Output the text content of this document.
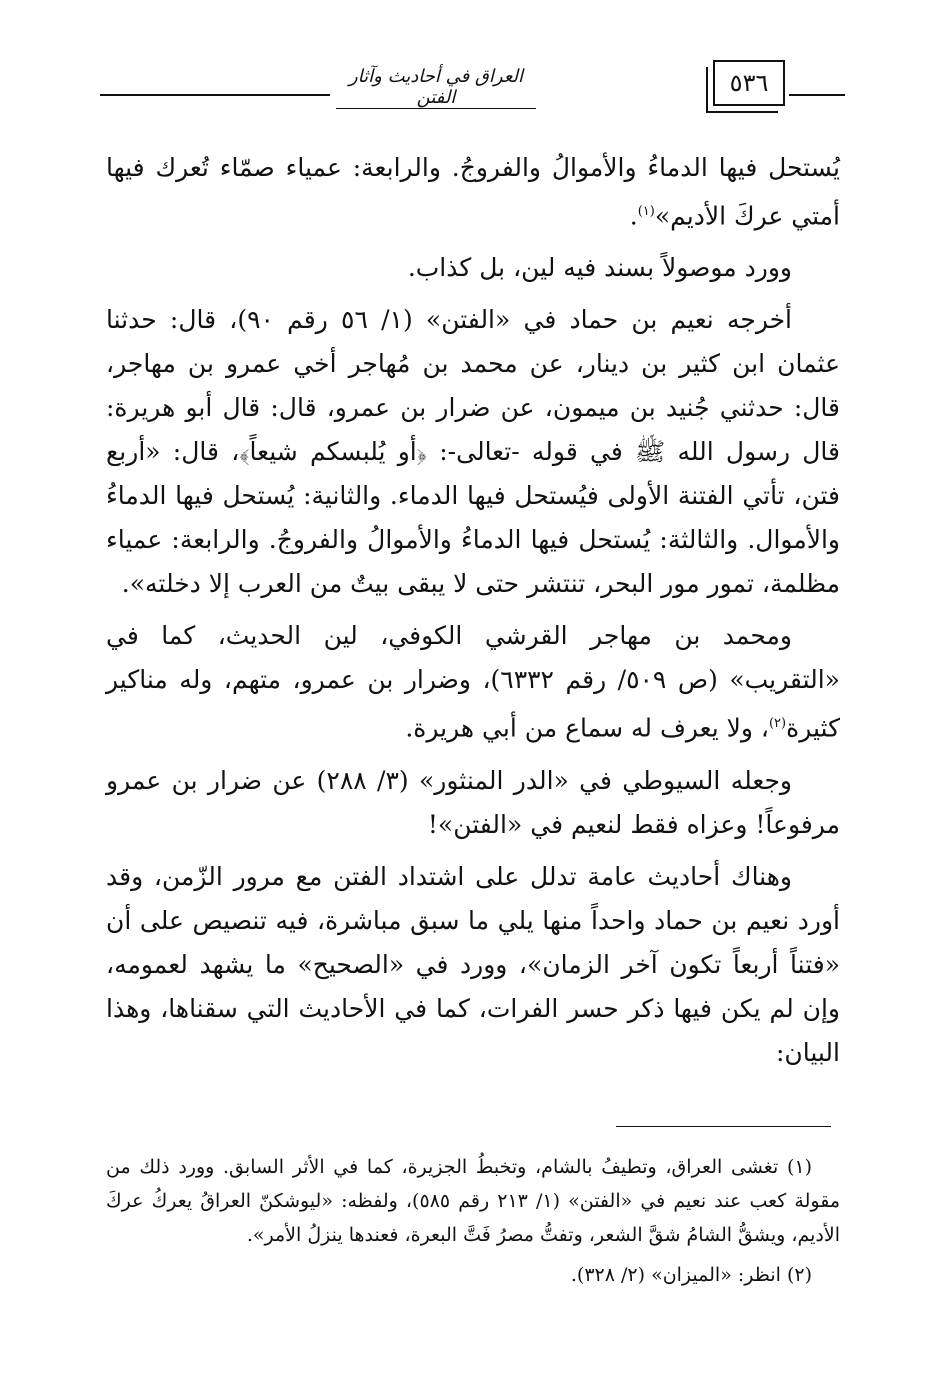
٥٣٦
العراق في أحاديث وآثار الفتن

يُستحل فيها الدماءُ والأموالُ والفروجُ. والرابعة: عمياء صمّاء تُعرك فيها أمتي عركَ الأديم»$^{(١)}$.

وورد موصولاً بسند فيه لين، بل كذاب.

أخرجه نعيم بن حماد في «الفتن» (١/ ٥٦ رقم ٩٠)، قال: حدثنا عثمان ابن كثير بن دينار، عن محمد بن مُهاجر أخي عمرو بن مهاجر، قال: حدثني جُنيد بن ميمون، عن ضرار بن عمرو، قال: قال أبو هريرة: قال رسول الله ﷺ في قوله -تعالى-: ﴿أو يُلبسكم شيعاً﴾، قال: «أربع فتن، تأتي الفتنة الأولى فيُستحل فيها الدماء. والثانية: يُستحل فيها الدماءُ والأموال. والثالثة: يُستحل فيها الدماءُ والأموالُ والفروجُ. والرابعة: عمياء مظلمة، تمور مور البحر، تنتشر حتى لا يبقى بيتٌ من العرب إلا دخلته».

ومحمد بن مهاجر القرشي الكوفي، لين الحديث، كما في «التقريب» (ص ٥٠٩/ رقم ٦٣٣٢)، وضرار بن عمرو، متهم، وله مناكير كثيرة$^{(٢)}$، ولا يعرف له سماع من أبي هريرة.

وجعله السيوطي في «الدر المنثور» (٣/ ٢٨٨) عن ضرار بن عمرو مرفوعاً! وعزاه فقط لنعيم في «الفتن»!

وهناك أحاديث عامة تدلل على اشتداد الفتن مع مرور الزّمن، وقد أورد نعيم بن حماد واحداً منها يلي ما سبق مباشرة، فيه تنصيص على أن «فتناً أربعاً تكون آخر الزمان»، وورد في «الصحيح» ما يشهد لعمومه، وإن لم يكن فيها ذكر حسر الفرات، كما في الأحاديث التي سقناها، وهذا البيان:

(١) تغشى العراق، وتطيفُ بالشام، وتخبطُ الجزيرة، كما في الأثر السابق. وورد ذلك من مقولة كعب عند نعيم في «الفتن» (١/ ٢١٣ رقم ٥٨٥)، ولفظه: «ليوشكنّ العراقُ يعركُ عركَ الأديم، ويشقُّ الشامُ شقَّ الشعر، وتفتُّ مصرُ فَتَّ البعرة، فعندها ينزلُ الأمر».

(٢) انظر: «الميزان» (٢/ ٣٢٨).
